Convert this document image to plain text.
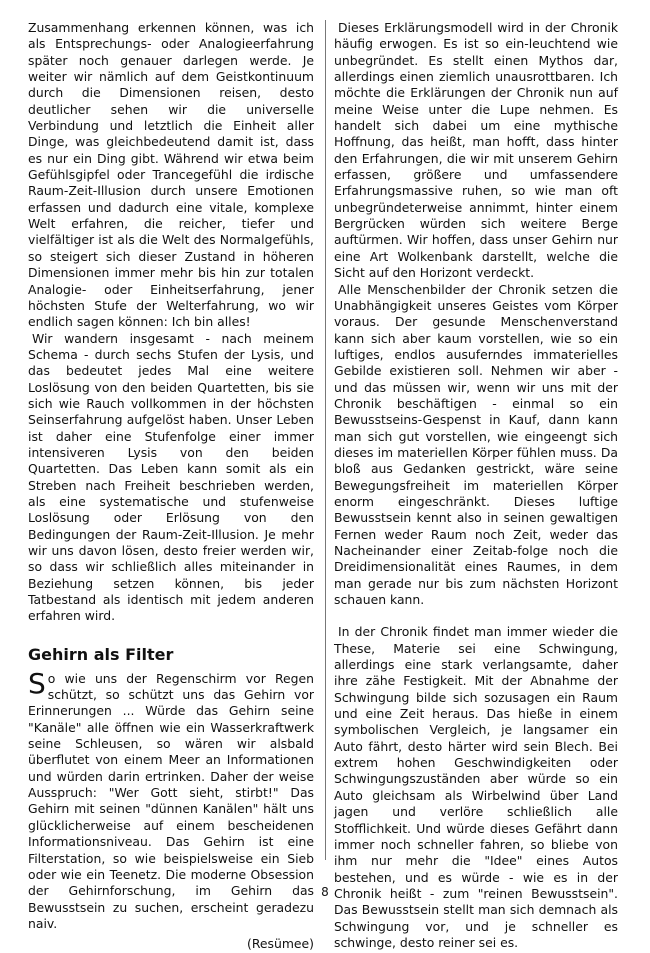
Zusammenhang erkennen können, was ich als Entsprechungs- oder Analogieerfahrung später noch genauer darlegen werde. Je weiter wir nämlich auf dem Geistkontinuum durch die Dimensionen reisen, desto deutlicher sehen wir die universelle Verbindung und letztlich die Einheit aller Dinge, was gleichbedeutend damit ist, dass es nur ein Ding gibt. Während wir etwa beim Gefühlsgipfel oder Trancegefühl die irdische Raum-Zeit-Illusion durch unsere Emotionen erfassen und dadurch eine vitale, komplexe Welt erfahren, die reicher, tiefer und vielfältiger ist als die Welt des Normalgefühls, so steigert sich dieser Zustand in höheren Dimensionen immer mehr bis hin zur totalen Analogie- oder Einheitserfahrung, jener höchsten Stufe der Welterfahrung, wo wir endlich sagen können: Ich bin alles!

Wir wandern insgesamt - nach meinem Schema - durch sechs Stufen der Lysis, und das bedeutet jedes Mal eine weitere Loslösung von den beiden Quartetten, bis sie sich wie Rauch vollkommen in der höchsten Seinserfahrung aufgelöst haben. Unser Leben ist daher eine Stufenfolge einer immer intensiveren Lysis von den beiden Quartetten. Das Leben kann somit als ein Streben nach Freiheit beschrieben werden, als eine systematische und stufenweise Loslösung oder Erlösung von den Bedingungen der Raum-Zeit-Illusion. Je mehr wir uns davon lösen, desto freier werden wir, so dass wir schließlich alles miteinander in Beziehung setzen können, bis jeder Tatbestand als identisch mit jedem anderen erfahren wird.

Gehirn als Filter

So wie uns der Regenschirm vor Regen schützt, so schützt uns das Gehirn vor Erinnerungen ... Würde das Gehirn seine "Kanäle" alle öffnen wie ein Wasserkraftwerk seine Schleusen, so wären wir alsbald überflutet von einem Meer an Informationen und würden darin ertrinken. Daher der weise Ausspruch: "Wer Gott sieht, stirbt!" Das Gehirn mit seinen "dünnen Kanälen" hält uns glücklicherweise auf einem bescheidenen Informationsniveau. Das Gehirn ist eine Filterstation, so wie beispielsweise ein Sieb oder wie ein Teenetz. Die moderne Obsession der Gehirnforschung, im Gehirn das Bewusstsein zu suchen, erscheint geradezu naiv.

(Resümee)

Dieses Erklärungsmodell wird in der Chronik häufig erwogen. Es ist so ein-leuchtend wie unbegründet. Es stellt einen Mythos dar, allerdings einen ziemlich unausrottbaren. Ich möchte die Erklärungen der Chronik nun auf meine Weise unter die Lupe nehmen. Es handelt sich dabei um eine mythische Hoffnung, das heißt, man hofft, dass hinter den Erfahrungen, die wir mit unserem Gehirn erfassen, größere und umfassendere Erfahrungsmassive ruhen, so wie man oft unbegründeterweise annimmt, hinter einem Bergrücken würden sich weitere Berge auftürmen. Wir hoffen, dass unser Gehirn nur eine Art Wolkenbank darstellt, welche die Sicht auf den Horizont verdeckt.

Alle Menschenbilder der Chronik setzen die Unabhängigkeit unseres Geistes vom Körper voraus. Der gesunde Menschenverstand kann sich aber kaum vorstellen, wie so ein luftiges, endlos ausuferndes immaterielles Gebilde existieren soll. Nehmen wir aber - und das müssen wir, wenn wir uns mit der Chronik beschäftigen - einmal so ein Bewusstseins-Gespenst in Kauf, dann kann man sich gut vorstellen, wie eingeengt sich dieses im materiellen Körper fühlen muss. Da bloß aus Gedanken gestrickt, wäre seine Bewegungsfreiheit im materiellen Körper enorm eingeschränkt. Dieses luftige Bewusstsein kennt also in seinen gewaltigen Fernen weder Raum noch Zeit, weder das Nacheinander einer Zeitab-folge noch die Dreidimensionalität eines Raumes, in dem man gerade nur bis zum nächsten Horizont schauen kann.

In der Chronik findet man immer wieder die These, Materie sei eine Schwingung, allerdings eine stark verlangsamte, daher ihre zähe Festigkeit. Mit der Abnahme der Schwingung bilde sich sozusagen ein Raum und eine Zeit heraus. Das hieße in einem symbolischen Vergleich, je langsamer ein Auto fährt, desto härter wird sein Blech. Bei extrem hohen Geschwindigkeiten oder Schwingungszuständen aber würde so ein Auto gleichsam als Wirbelwind über Land jagen und verlöre schließlich alle Stofflichkeit. Und würde dieses Gefährt dann immer noch schneller fahren, so bliebe von ihm nur mehr die "Idee" eines Autos bestehen, und es würde - wie es in der Chronik heißt - zum "reinen Bewusstsein". Das Bewusstsein stellt man sich demnach als Schwingung vor, und je schneller es schwinge, desto reiner sei es.

8
